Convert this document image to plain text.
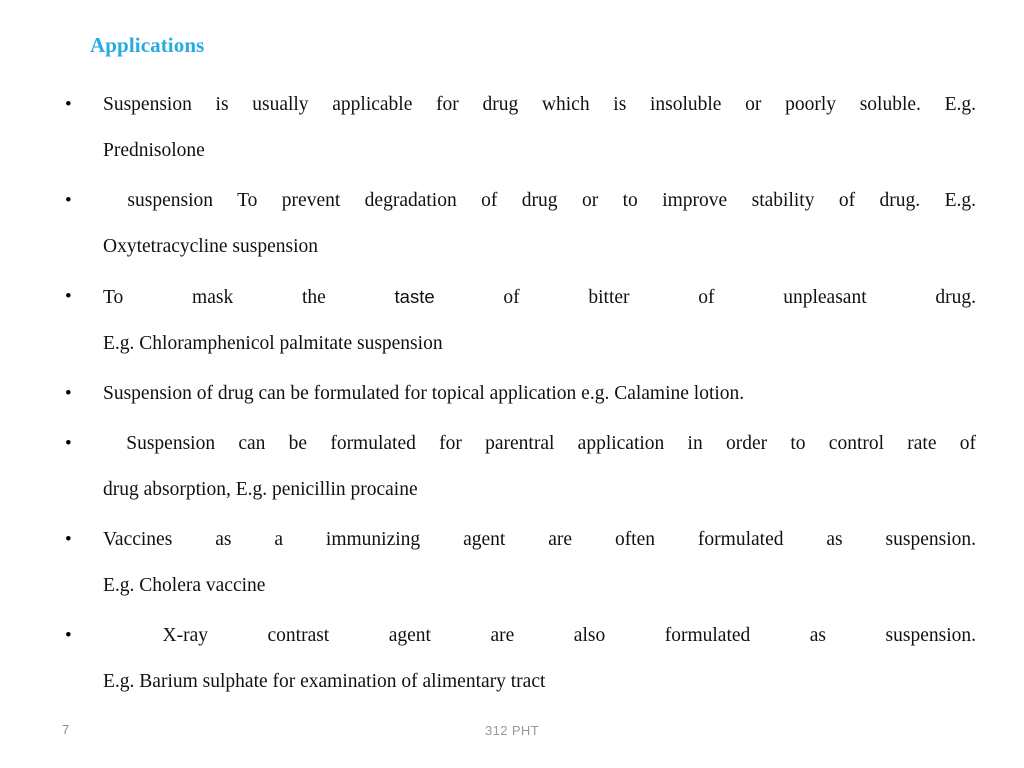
Applications
• Suspension is usually applicable for drug which is insoluble or poorly soluble. E.g.
Prednisolone
• suspension To prevent degradation of drug or to improve stability of drug. E.g.
Oxytetracycline suspension
• To mask the taste of bitter of unpleasant drug.
E.g. Chloramphenicol palmitate suspension
• Suspension of drug can be formulated for topical application e.g. Calamine lotion.
• Suspension can be formulated for parentral application in order to control rate of
drug absorption, E.g. penicillin procaine
• Vaccines as a immunizing agent are often formulated as suspension.
E.g. Cholera vaccine
• X-ray contrast agent are also formulated as suspension.
E.g. Barium sulphate for examination of alimentary tract
7	312 PHT
